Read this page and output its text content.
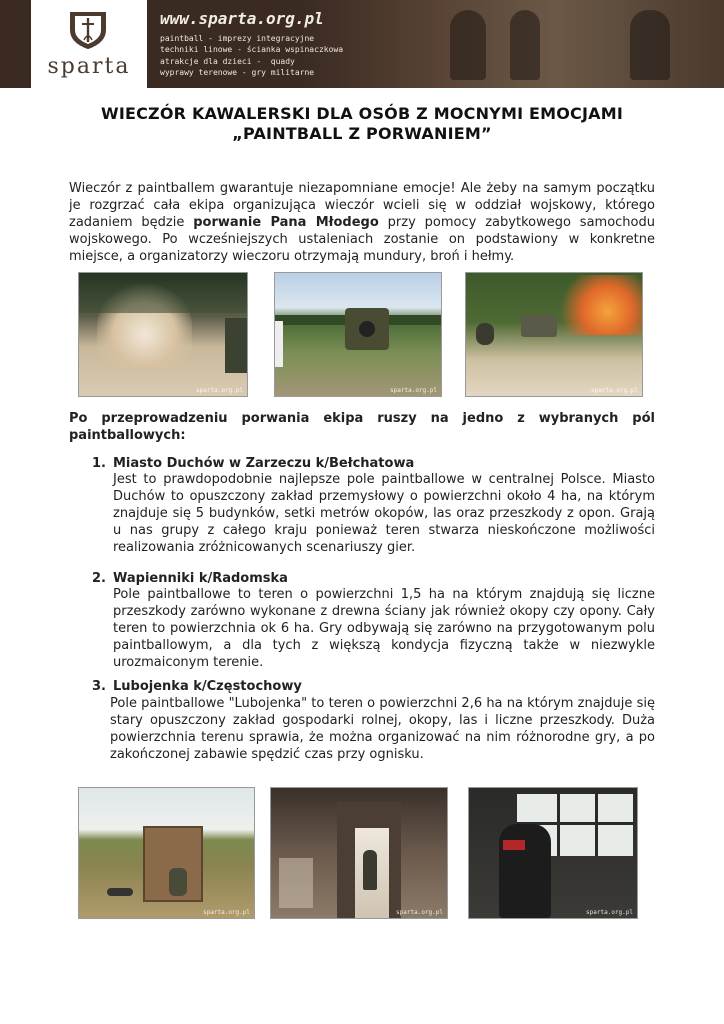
sparta
www.sparta.org.pl
paintball - imprezy integracyjne
techniki linowe - ścianka wspinaczkowa
atrakcje dla dzieci -  quady
wyprawy terenowe - gry militarne
WIECZÓR KAWALERSKI DLA OSÓB Z MOCNYMI EMOCJAMI
„PAINTBALL Z PORWANIEM”
Wieczór z paintballem gwarantuje niezapomniane emocje! Ale żeby na samym początku je rozgrzać cała ekipa organizująca wieczór wcieli się w oddział wojskowy, którego zadaniem będzie porwanie Pana Młodego przy pomocy zabytkowego samochodu wojskowego. Po wcześniejszych ustaleniach zostanie on podstawiony w konkretne miejsce, a organizatorzy wieczoru otrzymają mundury, broń i hełmy.
sparta.org.pl	sparta.org.pl	sparta.org.pl
Po przeprowadzeniu porwania ekipa ruszy na jedno z wybranych pól paintballowych:
1. Miasto Duchów w Zarzeczu k/Bełchatowa
Jest to prawdopodobnie najlepsze pole paintballowe w centralnej Polsce. Miasto Duchów to opuszczony zakład przemysłowy o powierzchni około 4 ha, na którym znajduje się 5 budynków, setki metrów okopów, las oraz przeszkody z opon. Grają u nas grupy z całego kraju ponieważ teren stwarza nieskończone możliwości realizowania zróżnicowanych scenariuszy gier.
2. Wapienniki k/Radomska
Pole paintballowe to teren o powierzchni 1,5 ha na którym znajdują się liczne przeszkody zarówno wykonane z drewna ściany jak również okopy czy opony. Cały teren to powierzchnia ok 6 ha. Gry odbywają się zarówno na przygotowanym polu paintballowym, a dla tych z większą kondycja fizyczną także w niezwykle urozmaiconym terenie.
3. Lubojenka k/Częstochowy
Pole paintballowe "Lubojenka" to teren o powierzchni 2,6 ha na którym znajduje się stary opuszczony zakład gospodarki rolnej, okopy, las i liczne przeszkody. Duża powierzchnia terenu sprawia, że można organizować na nim różnorodne gry, a po zakończonej zabawie spędzić czas przy ognisku.
sparta.org.pl	sparta.org.pl	sparta.org.pl
